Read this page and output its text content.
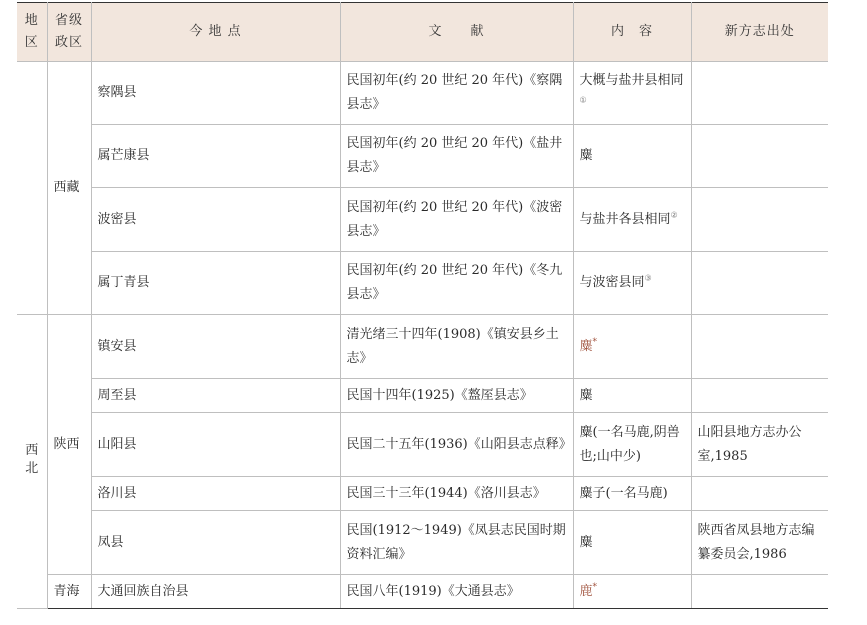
地区	省级政区	今 地 点	文　　献	内　容	新方志出处
	西藏	察隅县	民国初年(约 20 世纪 20 年代)《察隅县志》	大概与盐井县相同①	
		属芒康县	民国初年(约 20 世纪 20 年代)《盐井县志》	麋	
		波密县	民国初年(约 20 世纪 20 年代)《波密县志》	与盐井各县相同②	
		属丁青县	民国初年(约 20 世纪 20 年代)《冬九县志》	与波密县同③	
西北	陕西	镇安县	清光绪三十四年(1908)《镇安县乡土志》	麋*	
		周至县	民国十四年(1925)《盩厔县志》	麋	
		山阳县	民国二十五年(1936)《山阳县志点释》	麋(一名马鹿,阴兽也;山中少)	山阳县地方志办公室,1985
		洛川县	民国三十三年(1944)《洛川县志》	麋子(一名马鹿)	
		凤县	民国(1912～1949)《凤县志民国时期资料汇编》	麋	陕西省凤县地方志编纂委员会,1986
	青海	大通回族自治县	民国八年(1919)《大通县志》	鹿*	
